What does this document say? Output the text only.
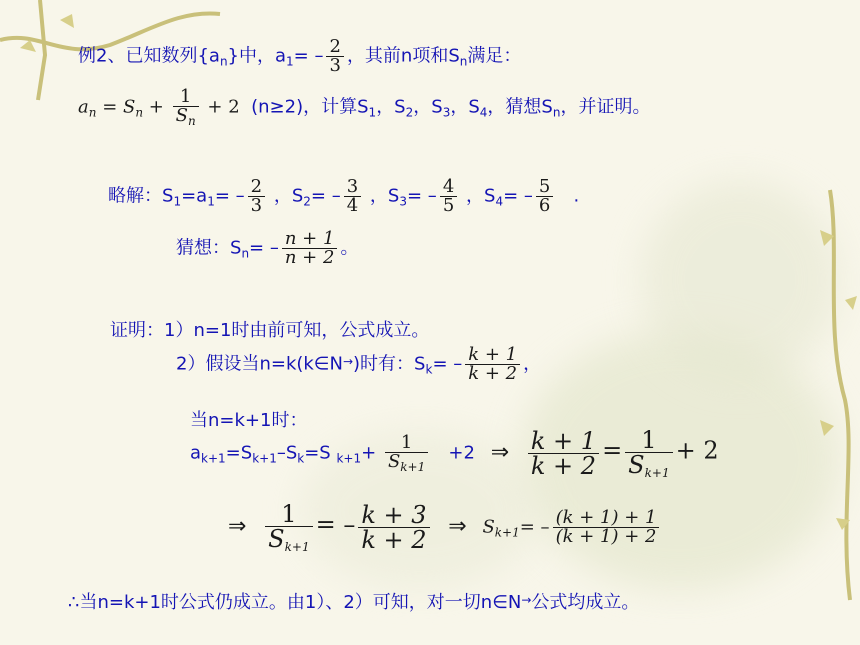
例2、已知数列$\{a_n\}$中，$a_1= - \frac{2}{3}$ ，其前n项和$S_n$满足：
$a_n = S_n + \frac{1}{S_n} + 2$ (n≥2)，计算$S_1$，$S_2$，$S_3$，$S_4$，猜想$S_n$，并证明。
略解：$S_1=a_1= - \frac{2}{3}$ ，$S_2= - \frac{3}{4}$ ，$S_3= - \frac{4}{5}$ ，$S_4= - \frac{5}{6}$ .
猜想：$S_n= - \frac{n + 1}{n + 2}$ 。
证明：1）n=1时由前可知，公式成立。
2）假设当n=k(k∈N→)时有：$S_k= - \frac{k + 1}{k + 2}$ ，
当n=k+1时：
$a_{k+1}=S_{k+1}-S_k=S$ $_{k+1}+ \frac{1}{S_{k+1}} +2$ ⇒ $\frac{k + 1}{k + 2} = \frac{1}{S_{k+1}} + 2$
⇒ $\frac{1}{S_{k+1}}$ = – $\frac{k + 3}{k + 2}$ ⇒ $S_{k+1}= - \frac{(k + 1) + 1}{(k + 1) + 2}$
∴当n=k+1时公式仍成立。由1）、2）可知，对一切n∈N→公式均成立。
